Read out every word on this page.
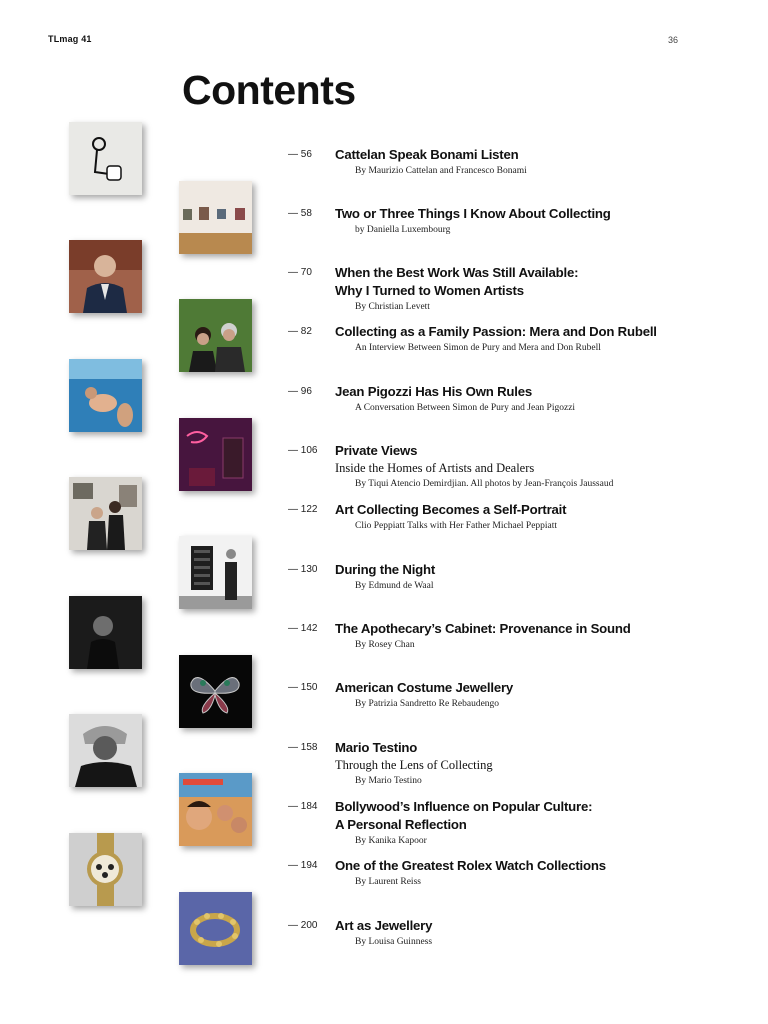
TLmag 41	36
Contents
— 56	Cattelan Speak Bonami Listen
By Maurizio Cattelan and Francesco Bonami
— 58	Two or Three Things I Know About Collecting
by Daniella Luxembourg
— 70	When the Best Work Was Still Available:
Why I Turned to Women Artists
By Christian Levett
— 82	Collecting as a Family Passion: Mera and Don Rubell
An Interview Between Simon de Pury and Mera and Don Rubell
— 96	Jean Pigozzi Has His Own Rules
A Conversation Between Simon de Pury and Jean Pigozzi
— 106	Private Views
Inside the Homes of Artists and Dealers
By Tiqui Atencio Demirdjian. All photos by Jean-François Jaussaud
— 122	Art Collecting Becomes a Self-Portrait
Clio Peppiatt Talks with Her Father Michael Peppiatt
— 130	During the Night
By Edmund de Waal
— 142	The Apothecary’s Cabinet: Provenance in Sound
By Rosey Chan
— 150	American Costume Jewellery
By Patrizia Sandretto Re Rebaudengo
— 158	Mario Testino
Through the Lens of Collecting
By Mario Testino
— 184	Bollywood’s Influence on Popular Culture:
A Personal Reflection
By Kanika Kapoor
— 194	One of the Greatest Rolex Watch Collections
By Laurent Reiss
— 200	Art as Jewellery
By Louisa Guinness
